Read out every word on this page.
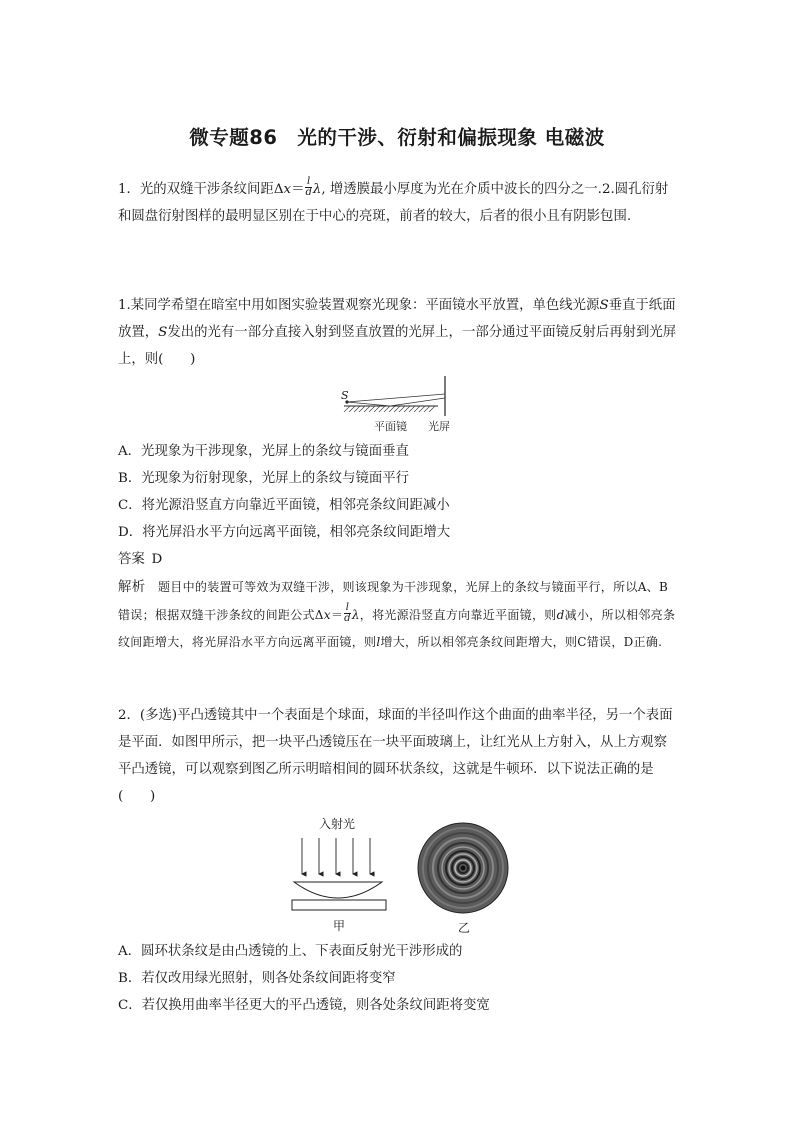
微专题86　光的干涉、衍射和偏振现象 电磁波
1．光的双缝干涉条纹间距$\Delta x= \frac{l}{d} \lambda$, 增透膜最小厚度为光在介质中波长的四分之一.2.圆孔衍射和圆盘衍射图样的最明显区别在于中心的亮斑，前者的较大，后者的很小且有阴影包围.
1.某同学希望在暗室中用如图实验装置观察光现象：平面镜水平放置，单色线光源S垂直于纸面放置，S发出的光有一部分直接入射到竖直放置的光屏上，一部分通过平面镜反射后再射到光屏上，则(　　)
S
平面镜 光屏
A．光现象为干涉现象，光屏上的条纹与镜面垂直
B．光现象为衍射现象，光屏上的条纹与镜面平行
C．将光源沿竖直方向靠近平面镜，相邻亮条纹间距减小
D．将光屏沿水平方向远离平面镜，相邻亮条纹间距增大
答案  D
解析   题目中的装置可等效为双缝干涉，则该现象为干涉现象，光屏上的条纹与镜面平行，所以A、B错误；根据双缝干涉条纹的间距公式$\Delta x= \frac{l}{d}$ λ，将光源沿竖直方向靠近平面镜，则d减小，所以相邻亮条纹间距增大，将光屏沿水平方向远离平面镜，则l增大，所以相邻亮条纹间距增大，则C错误，D正确.
2．(多选)平凸透镜其中一个表面是个球面，球面的半径叫作这个曲面的曲率半径，另一个表面是平面．如图甲所示，把一块平凸透镜压在一块平面玻璃上，让红光从上方射入，从上方观察平凸透镜，可以观察到图乙所示明暗相间的圆环状条纹，这就是牛顿环．以下说法正确的是(　　)
入射光
甲	乙
A．圆环状条纹是由凸透镜的上、下表面反射光干涉形成的
B．若仅改用绿光照射，则各处条纹间距将变窄
C．若仅换用曲率半径更大的平凸透镜，则各处条纹间距将变宽
